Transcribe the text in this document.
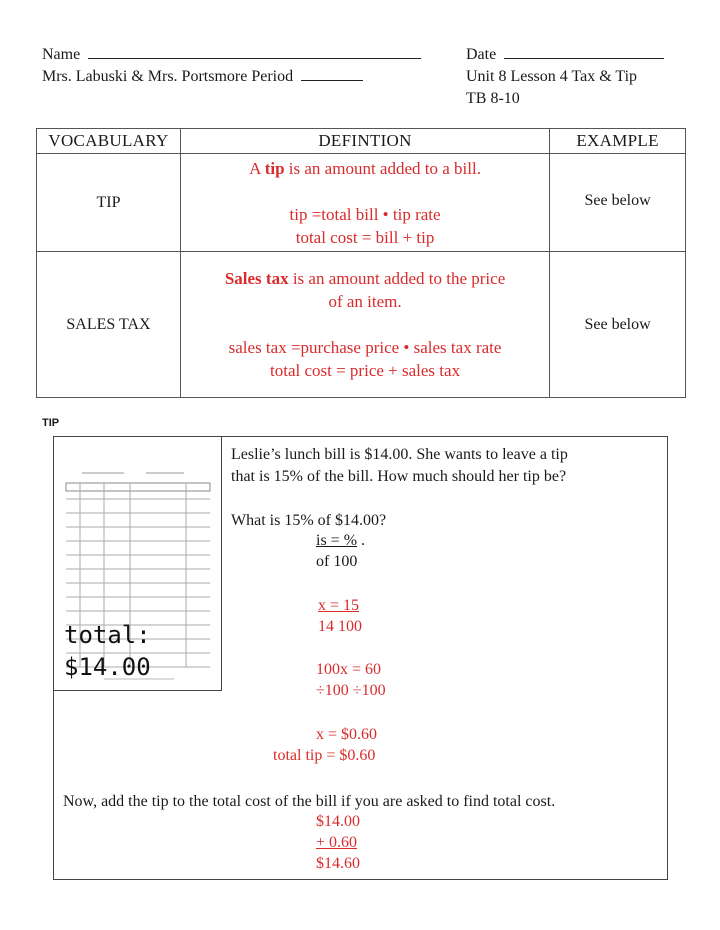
Name
Mrs. Labuski & Mrs. Portsmore Period
Date
Unit 8 Lesson 4 Tax & Tip
TB 8-10
VOCABULARY	DEFINTION	EXAMPLE
TIP	A tip is an amount added to a bill.
tip =total bill • tip rate
total cost = bill + tip	See below
SALES TAX	Sales tax is an amount added to the price
of an item.
sales tax =purchase price • sales tax rate
total cost = price + sales tax	See below
TIP
total:
$14.00
Leslie’s lunch bill is $14.00. She wants to leave a tip
that is 15% of the bill. How much should her tip be?
What is 15% of $14.00?
is = % .
of 100
x = 15
14 100
100x = 60
÷100 ÷100
x = $0.60
total tip = $0.60
Now, add the tip to the total cost of the bill if you are asked to find total cost.
$14.00
+ 0.60
$14.60
